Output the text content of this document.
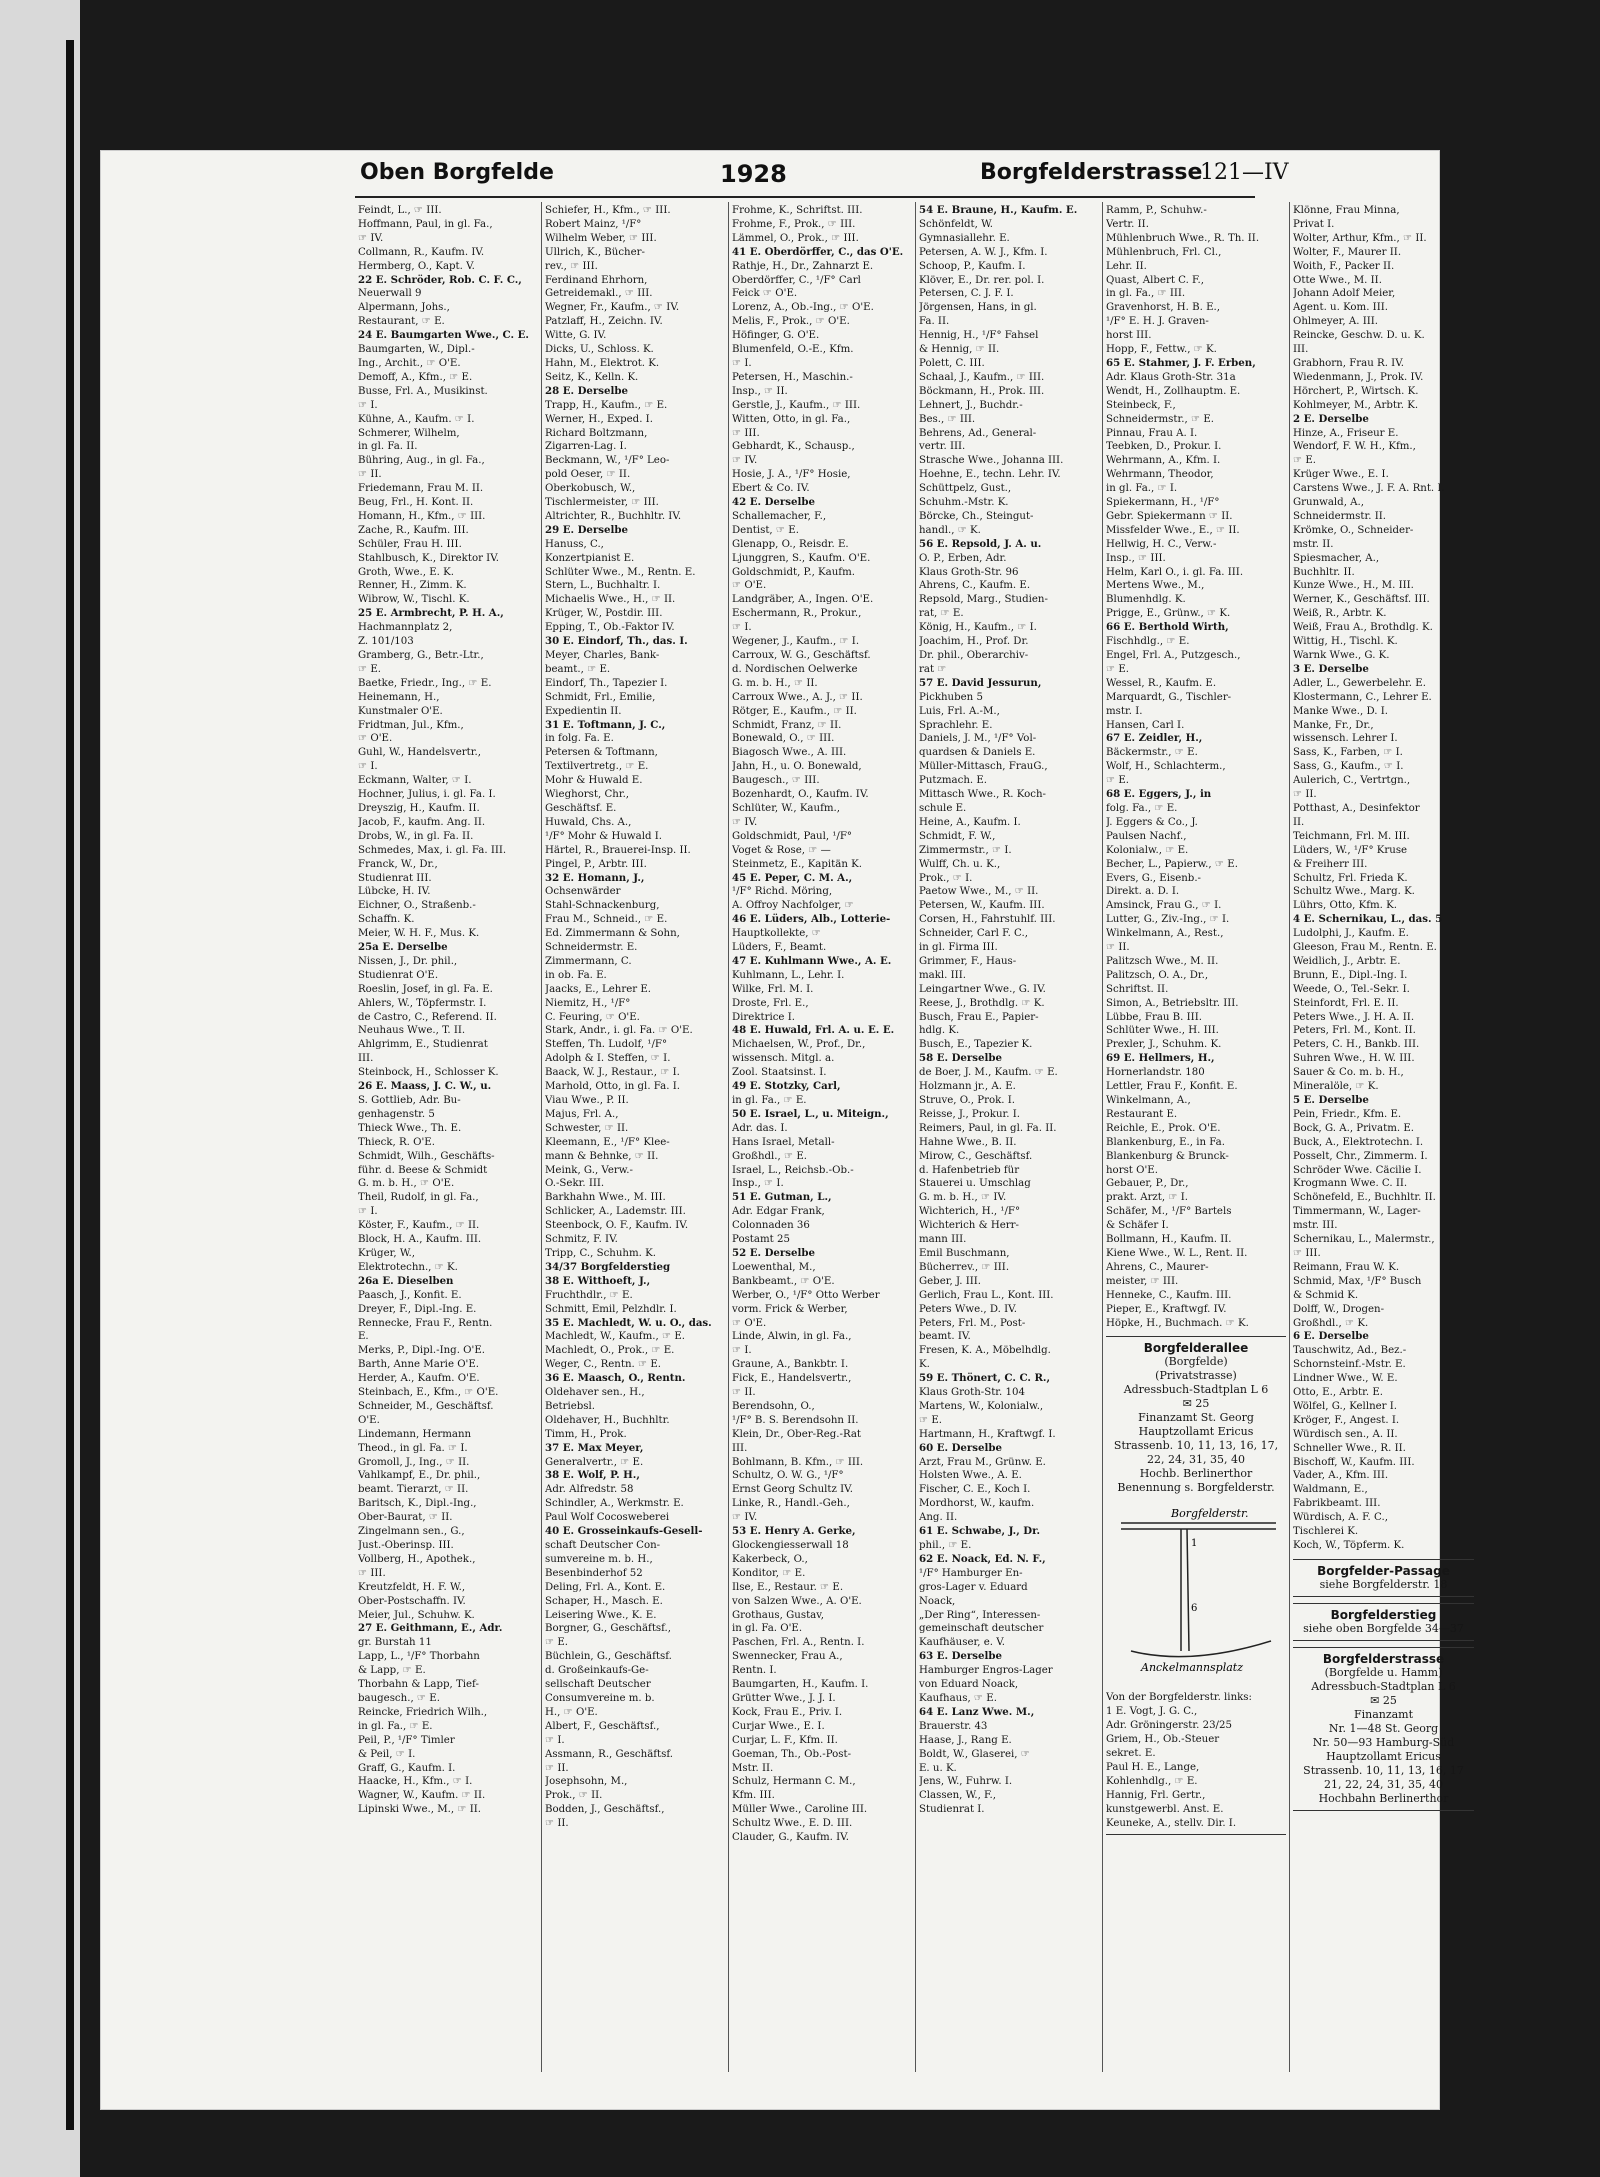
Oben Borgfelde	1928	Borgfelderstrasse
121—IV
Feindt, L., ☞ III.
Hoffmann, Paul, in gl. Fa.,
☞ IV.
Collmann, R., Kaufm. IV.
Hermberg, O., Kapt. V.
22 E. Schröder, Rob. C. F. C.,
Neuerwall 9
Alpermann, Johs.,
Restaurant, ☞ E.
24 E. Baumgarten Wwe., C. E.
Baumgarten, W., Dipl.-
Ing., Archit., ☞ O'E.
Demoff, A., Kfm., ☞ E.
Busse, Frl. A., Musikinst.
☞ I.
Kühne, A., Kaufm. ☞ I.
Schmerer, Wilhelm,
in gl. Fa. II.
Bühring, Aug., in gl. Fa.,
☞ II.
Friedemann, Frau M. II.
Beug, Frl., H. Kont. II.
Homann, H., Kfm., ☞ III.
Zache, R., Kaufm. III.
Schüler, Frau H. III.
Stahlbusch, K., Direktor IV.
Groth, Wwe., E. K.
Renner, H., Zimm. K.
Wibrow, W., Tischl. K.
25 E. Armbrecht, P. H. A.,
Hachmannplatz 2,
Z. 101/103
Gramberg, G., Betr.-Ltr.,
☞ E.
Baetke, Friedr., Ing., ☞ E.
Heinemann, H.,
Kunstmaler O'E.
Fridtman, Jul., Kfm.,
☞ O'E.
Guhl, W., Handelsvertr.,
☞ I.
Eckmann, Walter, ☞ I.
Hochner, Julius, i. gl. Fa. I.
Dreyszig, H., Kaufm. II.
Jacob, F., kaufm. Ang. II.
Drobs, W., in gl. Fa. II.
Schmedes, Max, i. gl. Fa. III.
Franck, W., Dr.,
Studienrat III.
Lübcke, H. IV.
Eichner, O., Straßenb.-
Schaffn. K.
Meier, W. H. F., Mus. K.
25a E. Derselbe
Nissen, J., Dr. phil.,
Studienrat O'E.
Roeslin, Josef, in gl. Fa. E.
Ahlers, W., Töpfermstr. I.
de Castro, C., Referend. II.
Neuhaus Wwe., T. II.
Ahlgrimm, E., Studienrat
III.
Steinbock, H., Schlosser K.
26 E. Maass, J. C. W., u.
S. Gottlieb, Adr. Bu-
genhagenstr. 5
Thieck Wwe., Th. E.
Thieck, R. O'E.
Schmidt, Wilh., Geschäfts-
führ. d. Beese & Schmidt
G. m. b. H., ☞ O'E.
Theil, Rudolf, in gl. Fa.,
☞ I.
Köster, F., Kaufm., ☞ II.
Block, H. A., Kaufm. III.
Krüger, W.,
Elektrotechn., ☞ K.
26a E. Dieselben
Paasch, J., Konfit. E.
Dreyer, F., Dipl.-Ing. E.
Rennecke, Frau F., Rentn.
E.
Merks, P., Dipl.-Ing. O'E.
Barth, Anne Marie O'E.
Herder, A., Kaufm. O'E.
Steinbach, E., Kfm., ☞ O'E.
Schneider, M., Geschäftsf.
O'E.
Lindemann, Hermann
Theod., in gl. Fa. ☞ I.
Gromoll, J., Ing., ☞ II.
Vahlkampf, E., Dr. phil.,
beamt. Tierarzt, ☞ II.
Baritsch, K., Dipl.-Ing.,
Ober-Baurat, ☞ II.
Zingelmann sen., G.,
Just.-Oberinsp. III.
Vollberg, H., Apothek.,
☞ III.
Kreutzfeldt, H. F. W.,
Ober-Postschaffn. IV.
Meier, Jul., Schuhw. K.
27 E. Geithmann, E., Adr.
gr. Burstah 11
Lapp, L., ¹/F° Thorbahn
& Lapp, ☞ E.
Thorbahn & Lapp, Tief-
baugesch., ☞ E.
Reincke, Friedrich Wilh.,
in gl. Fa., ☞ E.
Peil, P., ¹/F° Timler
& Peil, ☞ I.
Graff, G., Kaufm. I.
Haacke, H., Kfm., ☞ I.
Wagner, W., Kaufm. ☞ II.
Lipinski Wwe., M., ☞ II.
Schiefer, H., Kfm., ☞ III.
Robert Mainz, ¹/F°
Wilhelm Weber, ☞ III.
Ullrich, K., Bücher-
rev., ☞ III.
Ferdinand Ehrhorn,
Getreidemakl., ☞ III.
Wegner, Fr., Kaufm., ☞ IV.
Patzlaff, H., Zeichn. IV.
Witte, G. IV.
Dicks, U., Schloss. K.
Hahn, M., Elektrot. K.
Seitz, K., Kelln. K.
28 E. Derselbe
Trapp, H., Kaufm., ☞ E.
Werner, H., Exped. I.
Richard Boltzmann,
Zigarren-Lag. I.
Beckmann, W., ¹/F° Leo-
pold Oeser, ☞ II.
Oberkobusch, W.,
Tischlermeister, ☞ III.
Altrichter, R., Buchhltr. IV.
29 E. Derselbe
Hanuss, C.,
Konzertpianist E.
Schlüter Wwe., M., Rentn. E.
Stern, L., Buchhaltr. I.
Michaelis Wwe., H., ☞ II.
Krüger, W., Postdir. III.
Epping, T., Ob.-Faktor IV.
30 E. Eindorf, Th., das. I.
Meyer, Charles, Bank-
beamt., ☞ E.
Eindorf, Th., Tapezier I.
Schmidt, Frl., Emilie,
Expedientin II.
31 E. Toftmann, J. C.,
in folg. Fa. E.
Petersen & Toftmann,
Textilvertretg., ☞ E.
Mohr & Huwald E.
Wieghorst, Chr.,
Geschäftsf. E.
Huwald, Chs. A.,
¹/F° Mohr & Huwald I.
Härtel, R., Brauerei-Insp. II.
Pingel, P., Arbtr. III.
32 E. Homann, J.,
Ochsenwärder
Stahl-Schnackenburg,
Frau M., Schneid., ☞ E.
Ed. Zimmermann & Sohn,
Schneidermstr. E.
Zimmermann, C.
in ob. Fa. E.
Jaacks, E., Lehrer E.
Niemitz, H., ¹/F°
C. Feuring, ☞ O'E.
Stark, Andr., i. gl. Fa. ☞ O'E.
Steffen, Th. Ludolf, ¹/F°
Adolph & I. Steffen, ☞ I.
Baack, W. J., Restaur., ☞ I.
Marhold, Otto, in gl. Fa. I.
Viau Wwe., P. II.
Majus, Frl. A.,
Schwester, ☞ II.
Kleemann, E., ¹/F° Klee-
mann & Behnke, ☞ II.
Meink, G., Verw.-
O.-Sekr. III.
Barkhahn Wwe., M. III.
Schlicker, A., Lademstr. III.
Steenbock, O. F., Kaufm. IV.
Schmitz, F. IV.
Tripp, C., Schuhm. K.
34/37 Borgfelderstieg
38 E. Witthoeft, J.,
Fruchthdlr., ☞ E.
Schmitt, Emil, Pelzhdlr. I.
35 E. Machledt, W. u. O., das.
Machledt, W., Kaufm., ☞ E.
Machledt, O., Prok., ☞ E.
Weger, C., Rentn. ☞ E.
36 E. Maasch, O., Rentn.
Oldehaver sen., H.,
Betriebsl.
Oldehaver, H., Buchhltr.
Timm, H., Prok.
37 E. Max Meyer,
Generalvertr., ☞ E.
38 E. Wolf, P. H.,
Adr. Alfredstr. 58
Schindler, A., Werkmstr. E.
Paul Wolf Cocosweberei
40 E. Grosseinkaufs-Gesell-
schaft Deutscher Con-
sumvereine m. b. H.,
Besenbinderhof 52
Deling, Frl. A., Kont. E.
Schaper, H., Masch. E.
Leisering Wwe., K. E.
Borgner, G., Geschäftsf.,
☞ E.
Büchlein, G., Geschäftsf.
d. Großeinkaufs-Ge-
sellschaft Deutscher
Consumvereine m. b.
H., ☞ O'E.
Albert, F., Geschäftsf.,
☞ I.
Assmann, R., Geschäftsf.
☞ II.
Josephsohn, M.,
Prok., ☞ II.
Bodden, J., Geschäftsf.,
☞ II.
Frohme, K., Schriftst. III.
Frohme, F., Prok., ☞ III.
Lämmel, O., Prok., ☞ III.
41 E. Oberdörffer, C., das O'E.
Rathje, H., Dr., Zahnarzt E.
Oberdörffer, C., ¹/F° Carl
Feick ☞ O'E.
Lorenz, A., Ob.-Ing., ☞ O'E.
Melis, F., Prok., ☞ O'E.
Höfinger, G. O'E.
Blumenfeld, O.-E., Kfm.
☞ I.
Petersen, H., Maschin.-
Insp., ☞ II.
Gerstle, J., Kaufm., ☞ III.
Witten, Otto, in gl. Fa.,
☞ III.
Gebhardt, K., Schausp.,
☞ IV.
Hosie, J. A., ¹/F° Hosie,
Ebert & Co. IV.
42 E. Derselbe
Schallemacher, F.,
Dentist, ☞ E.
Glenapp, O., Reisdr. E.
Ljunggren, S., Kaufm. O'E.
Goldschmidt, P., Kaufm.
☞ O'E.
Landgräber, A., Ingen. O'E.
Eschermann, R., Prokur.,
☞ I.
Wegener, J., Kaufm., ☞ I.
Carroux, W. G., Geschäftsf.
d. Nordischen Oelwerke
G. m. b. H., ☞ II.
Carroux Wwe., A. J., ☞ II.
Rötger, E., Kaufm., ☞ II.
Schmidt, Franz, ☞ II.
Bonewald, O., ☞ III.
Biagosch Wwe., A. III.
Jahn, H., u. O. Bonewald,
Baugesch., ☞ III.
Bozenhardt, O., Kaufm. IV.
Schlüter, W., Kaufm.,
☞ IV.
Goldschmidt, Paul, ¹/F°
Voget & Rose, ☞ —
Steinmetz, E., Kapitän K.
45 E. Peper, C. M. A.,
¹/F° Richd. Möring,
A. Offroy Nachfolger, ☞
46 E. Lüders, Alb., Lotterie-
Hauptkollekte, ☞
Lüders, F., Beamt.
47 E. Kuhlmann Wwe., A. E.
Kuhlmann, L., Lehr. I.
Wilke, Frl. M. I.
Droste, Frl. E.,
Direktrice I.
48 E. Huwald, Frl. A. u. E. E.
Michaelsen, W., Prof., Dr.,
wissensch. Mitgl. a.
Zool. Staatsinst. I.
49 E. Stotzky, Carl,
in gl. Fa., ☞ E.
50 E. Israel, L., u. Miteign.,
Adr. das. I.
Hans Israel, Metall-
Großhdl., ☞ E.
Israel, L., Reichsb.-Ob.-
Insp., ☞ I.
51 E. Gutman, L.,
Adr. Edgar Frank,
Colonnaden 36
Postamt 25
52 E. Derselbe
Loewenthal, M.,
Bankbeamt., ☞ O'E.
Werber, O., ¹/F° Otto Werber
vorm. Frick & Werber,
☞ O'E.
Linde, Alwin, in gl. Fa.,
☞ I.
Graune, A., Bankbtr. I.
Fick, E., Handelsvertr.,
☞ II.
Berendsohn, O.,
¹/F° B. S. Berendsohn II.
Klein, Dr., Ober-Reg.-Rat
III.
Bohlmann, B. Kfm., ☞ III.
Schultz, O. W. G., ¹/F°
Ernst Georg Schultz IV.
Linke, R., Handl.-Geh.,
☞ IV.
53 E. Henry A. Gerke,
Glockengiesserwall 18
Kakerbeck, O.,
Konditor, ☞ E.
Ilse, E., Restaur. ☞ E.
von Salzen Wwe., A. O'E.
Grothaus, Gustav,
in gl. Fa. O'E.
Paschen, Frl. A., Rentn. I.
Swennecker, Frau A.,
Rentn. I.
Baumgarten, H., Kaufm. I.
Grütter Wwe., J. J. I.
Kock, Frau E., Priv. I.
Curjar Wwe., E. I.
Curjar, L. F., Kfm. II.
Goeman, Th., Ob.-Post-
Mstr. II.
Schulz, Hermann C. M.,
Kfm. III.
Müller Wwe., Caroline III.
Schultz Wwe., E. D. III.
Clauder, G., Kaufm. IV.
54 E. Braune, H., Kaufm. E.
Schönfeldt, W.
Gymnasiallehr. E.
Petersen, A. W. J., Kfm. I.
Schoop, P., Kaufm. I.
Klöver, E., Dr. rer. pol. I.
Petersen, C. J. F. I.
Jörgensen, Hans, in gl.
Fa. II.
Hennig, H., ¹/F° Fahsel
& Hennig, ☞ II.
Polett, C. III.
Schaal, J., Kaufm., ☞ III.
Böckmann, H., Prok. III.
Lehnert, J., Buchdr.-
Bes., ☞ III.
Behrens, Ad., General-
vertr. III.
Strasche Wwe., Johanna III.
Hoehne, E., techn. Lehr. IV.
Schüttpelz, Gust.,
Schuhm.-Mstr. K.
Börcke, Ch., Steingut-
handl., ☞ K.
56 E. Repsold, J. A. u.
O. P., Erben, Adr.
Klaus Groth-Str. 96
Ahrens, C., Kaufm. E.
Repsold, Marg., Studien-
rat, ☞ E.
König, H., Kaufm., ☞ I.
Joachim, H., Prof. Dr.
Dr. phil., Oberarchiv-
rat ☞
57 E. David Jessurun,
Pickhuben 5
Luis, Frl. A.-M.,
Sprachlehr. E.
Daniels, J. M., ¹/F° Vol-
quardsen & Daniels E.
Müller-Mittasch, FrauG.,
Putzmach. E.
Mittasch Wwe., R. Koch-
schule E.
Heine, A., Kaufm. I.
Schmidt, F. W.,
Zimmermstr., ☞ I.
Wulff, Ch. u. K.,
Prok., ☞ I.
Paetow Wwe., M., ☞ II.
Petersen, W., Kaufm. III.
Corsen, H., Fahrstuhlf. III.
Schneider, Carl F. C.,
in gl. Firma III.
Grimmer, F., Haus-
makl. III.
Leingartner Wwe., G. IV.
Reese, J., Brothdlg. ☞ K.
Busch, Frau E., Papier-
hdlg. K.
Busch, E., Tapezier K.
58 E. Derselbe
de Boer, J. M., Kaufm. ☞ E.
Holzmann jr., A. E.
Struve, O., Prok. I.
Reisse, J., Prokur. I.
Reimers, Paul, in gl. Fa. II.
Hahne Wwe., B. II.
Mirow, C., Geschäftsf.
d. Hafenbetrieb für
Stauerei u. Umschlag
G. m. b. H., ☞ IV.
Wichterich, H., ¹/F°
Wichterich & Herr-
mann III.
Emil Buschmann,
Bücherrev., ☞ III.
Geber, J. III.
Gerlich, Frau L., Kont. III.
Peters Wwe., D. IV.
Peters, Frl. M., Post-
beamt. IV.
Fresen, K. A., Möbelhdlg.
K.
59 E. Thönert, C. C. R.,
Klaus Groth-Str. 104
Martens, W., Kolonialw.,
☞ E.
Hartmann, H., Kraftwgf. I.
60 E. Derselbe
Arzt, Frau M., Grünw. E.
Holsten Wwe., A. E.
Fischer, C. E., Koch I.
Mordhorst, W., kaufm.
Ang. II.
61 E. Schwabe, J., Dr.
phil., ☞ E.
62 E. Noack, Ed. N. F.,
¹/F° Hamburger En-
gros-Lager v. Eduard
Noack,
„Der Ring“, Interessen-
gemeinschaft deutscher
Kaufhäuser, e. V.
63 E. Derselbe
Hamburger Engros-Lager
von Eduard Noack,
Kaufhaus, ☞ E.
64 E. Lanz Wwe. M.,
Brauerstr. 43
Haase, J., Rang E.
Boldt, W., Glaserei, ☞
E. u. K.
Jens, W., Fuhrw. I.
Classen, W., F.,
Studienrat I.
Ramm, P., Schuhw.-
Vertr. II.
Mühlenbruch Wwe., R. Th. II.
Mühlenbruch, Frl. Cl.,
Lehr. II.
Quast, Albert C. F.,
in gl. Fa., ☞ III.
Gravenhorst, H. B. E.,
¹/F° E. H. J. Graven-
horst III.
Hopp, F., Fettw., ☞ K.
65 E. Stahmer, J. F. Erben,
Adr. Klaus Groth-Str. 31a
Wendt, H., Zollhauptm. E.
Steinbeck, F.,
Schneidermstr., ☞ E.
Pinnau, Frau A. I.
Teebken, D., Prokur. I.
Wehrmann, A., Kfm. I.
Wehrmann, Theodor,
in gl. Fa., ☞ I.
Spiekermann, H., ¹/F°
Gebr. Spiekermann ☞ II.
Missfelder Wwe., E., ☞ II.
Hellwig, H. C., Verw.-
Insp., ☞ III.
Helm, Karl O., i. gl. Fa. III.
Mertens Wwe., M.,
Blumenhdlg. K.
Prigge, E., Grünw., ☞ K.
66 E. Berthold Wirth,
Fischhdlg., ☞ E.
Engel, Frl. A., Putzgesch.,
☞ E.
Wessel, R., Kaufm. E.
Marquardt, G., Tischler-
mstr. I.
Hansen, Carl I.
67 E. Zeidler, H.,
Bäckermstr., ☞ E.
Wolf, H., Schlachterm.,
☞ E.
68 E. Eggers, J., in
folg. Fa., ☞ E.
J. Eggers & Co., J.
Paulsen Nachf.,
Kolonialw., ☞ E.
Becher, L., Papierw., ☞ E.
Evers, G., Eisenb.-
Direkt. a. D. I.
Amsinck, Frau G., ☞ I.
Lutter, G., Ziv.-Ing., ☞ I.
Winkelmann, A., Rest.,
☞ II.
Palitzsch Wwe., M. II.
Palitzsch, O. A., Dr.,
Schriftst. II.
Simon, A., Betriebsltr. III.
Lübbe, Frau B. III.
Schlüter Wwe., H. III.
Prexler, J., Schuhm. K.
69 E. Hellmers, H.,
Hornerlandstr. 180
Lettler, Frau F., Konfit. E.
Winkelmann, A.,
Restaurant E.
Reichle, E., Prok. O'E.
Blankenburg, E., in Fa.
Blankenburg & Brunck-
horst O'E.
Gebauer, P., Dr.,
prakt. Arzt, ☞ I.
Schäfer, M., ¹/F° Bartels
& Schäfer I.
Bollmann, H., Kaufm. II.
Kiene Wwe., W. L., Rent. II.
Ahrens, C., Maurer-
meister, ☞ III.
Henneke, C., Kaufm. III.
Pieper, E., Kraftwgf. IV.
Höpke, H., Buchmach. ☞ K.
Borgfelderallee
(Borgfelde)
(Privatstrasse)
Adressbuch-Stadtplan L 6
✉ 25
Finanzamt St. Georg
Hauptzollamt Ericus
Strassenb. 10, 11, 13, 16, 17,
22, 24, 31, 35, 40
Hochb. Berlinerthor
Benennung s. Borgfelderstr.
Borgfelderstr.
1
6
Anckelmannsplatz
Von der Borgfelderstr. links:
1 E. Vogt, J. G. C.,
Adr. Gröningerstr. 23/25
Griem, H., Ob.-Steuer
sekret. E.
Paul H. E., Lange,
Kohlenhdlg., ☞ E.
Hannig, Frl. Gertr.,
kunstgewerbl. Anst. E.
Keuneke, A., stellv. Dir. I.
Klönne, Frau Minna,
Privat I.
Wolter, Arthur, Kfm., ☞ II.
Wolter, F., Maurer II.
Woith, F., Packer II.
Otte Wwe., M. II.
Johann Adolf Meier,
Agent. u. Kom. III.
Ohlmeyer, A. III.
Reincke, Geschw. D. u. K.
III.
Grabhorn, Frau R. IV.
Wiedenmann, J., Prok. IV.
Hörchert, P., Wirtsch. K.
Kohlmeyer, M., Arbtr. K.
2 E. Derselbe
Hinze, A., Friseur E.
Wendorf, F. W. H., Kfm.,
☞ E.
Krüger Wwe., E. I.
Carstens Wwe., J. F. A. Rnt. I.
Grunwald, A.,
Schneidermstr. II.
Krömke, O., Schneider-
mstr. II.
Spiesmacher, A.,
Buchhltr. II.
Kunze Wwe., H., M. III.
Werner, K., Geschäftsf. III.
Weiß, R., Arbtr. K.
Weiß, Frau A., Brothdlg. K.
Wittig, H., Tischl. K.
Warnk Wwe., G. K.
3 E. Derselbe
Adler, L., Gewerbelehr. E.
Klostermann, C., Lehrer E.
Manke Wwe., D. I.
Manke, Fr., Dr.,
wissensch. Lehrer I.
Sass, K., Farben, ☞ I.
Sass, G., Kaufm., ☞ I.
Aulerich, C., Vertrtgn.,
☞ II.
Potthast, A., Desinfektor
II.
Teichmann, Frl. M. III.
Lüders, W., ¹/F° Kruse
& Freiherr III.
Schultz, Frl. Frieda K.
Schultz Wwe., Marg. K.
Lührs, Otto, Kfm. K.
4 E. Schernikau, L., das. 5
Ludolphi, J., Kaufm. E.
Gleeson, Frau M., Rentn. E.
Weidlich, J., Arbtr. E.
Brunn, E., Dipl.-Ing. I.
Weede, O., Tel.-Sekr. I.
Steinfordt, Frl. E. II.
Peters Wwe., J. H. A. II.
Peters, Frl. M., Kont. II.
Peters, C. H., Bankb. III.
Suhren Wwe., H. W. III.
Sauer & Co. m. b. H.,
Mineralöle, ☞ K.
5 E. Derselbe
Pein, Friedr., Kfm. E.
Bock, G. A., Privatm. E.
Buck, A., Elektrotechn. I.
Posselt, Chr., Zimmerm. I.
Schröder Wwe. Cäcilie I.
Krogmann Wwe. C. II.
Schönefeld, E., Buchhltr. II.
Timmermann, W., Lager-
mstr. III.
Schernikau, L., Malermstr.,
☞ III.
Reimann, Frau W. K.
Schmid, Max, ¹/F° Busch
& Schmid K.
Dolff, W., Drogen-
Großhdl., ☞ K.
6 E. Derselbe
Tauschwitz, Ad., Bez.-
Schornsteinf.-Mstr. E.
Lindner Wwe., W. E.
Otto, E., Arbtr. E.
Wölfel, G., Kellner I.
Kröger, F., Angest. I.
Würdisch sen., A. II.
Schneller Wwe., R. II.
Bischoff, W., Kaufm. III.
Vader, A., Kfm. III.
Waldmann, E.,
Fabrikbeamt. III.
Würdisch, A. F. C.,
Tischlerei K.
Koch, W., Töpferm. K.
Borgfelder-Passage
siehe Borgfelderstr. 18
Borgfelderstieg
siehe oben Borgfelde 34—37
Borgfelderstrasse
(Borgfelde u. Hamm)
Adressbuch-Stadtplan L 6
✉ 25
Finanzamt
Nr. 1—48 St. Georg
Nr. 50—93 Hamburg-Süd
Hauptzollamt Ericus
Strassenb. 10, 11, 13, 16, 17
21, 22, 24, 31, 35, 40
Hochbahn Berlinerthor
